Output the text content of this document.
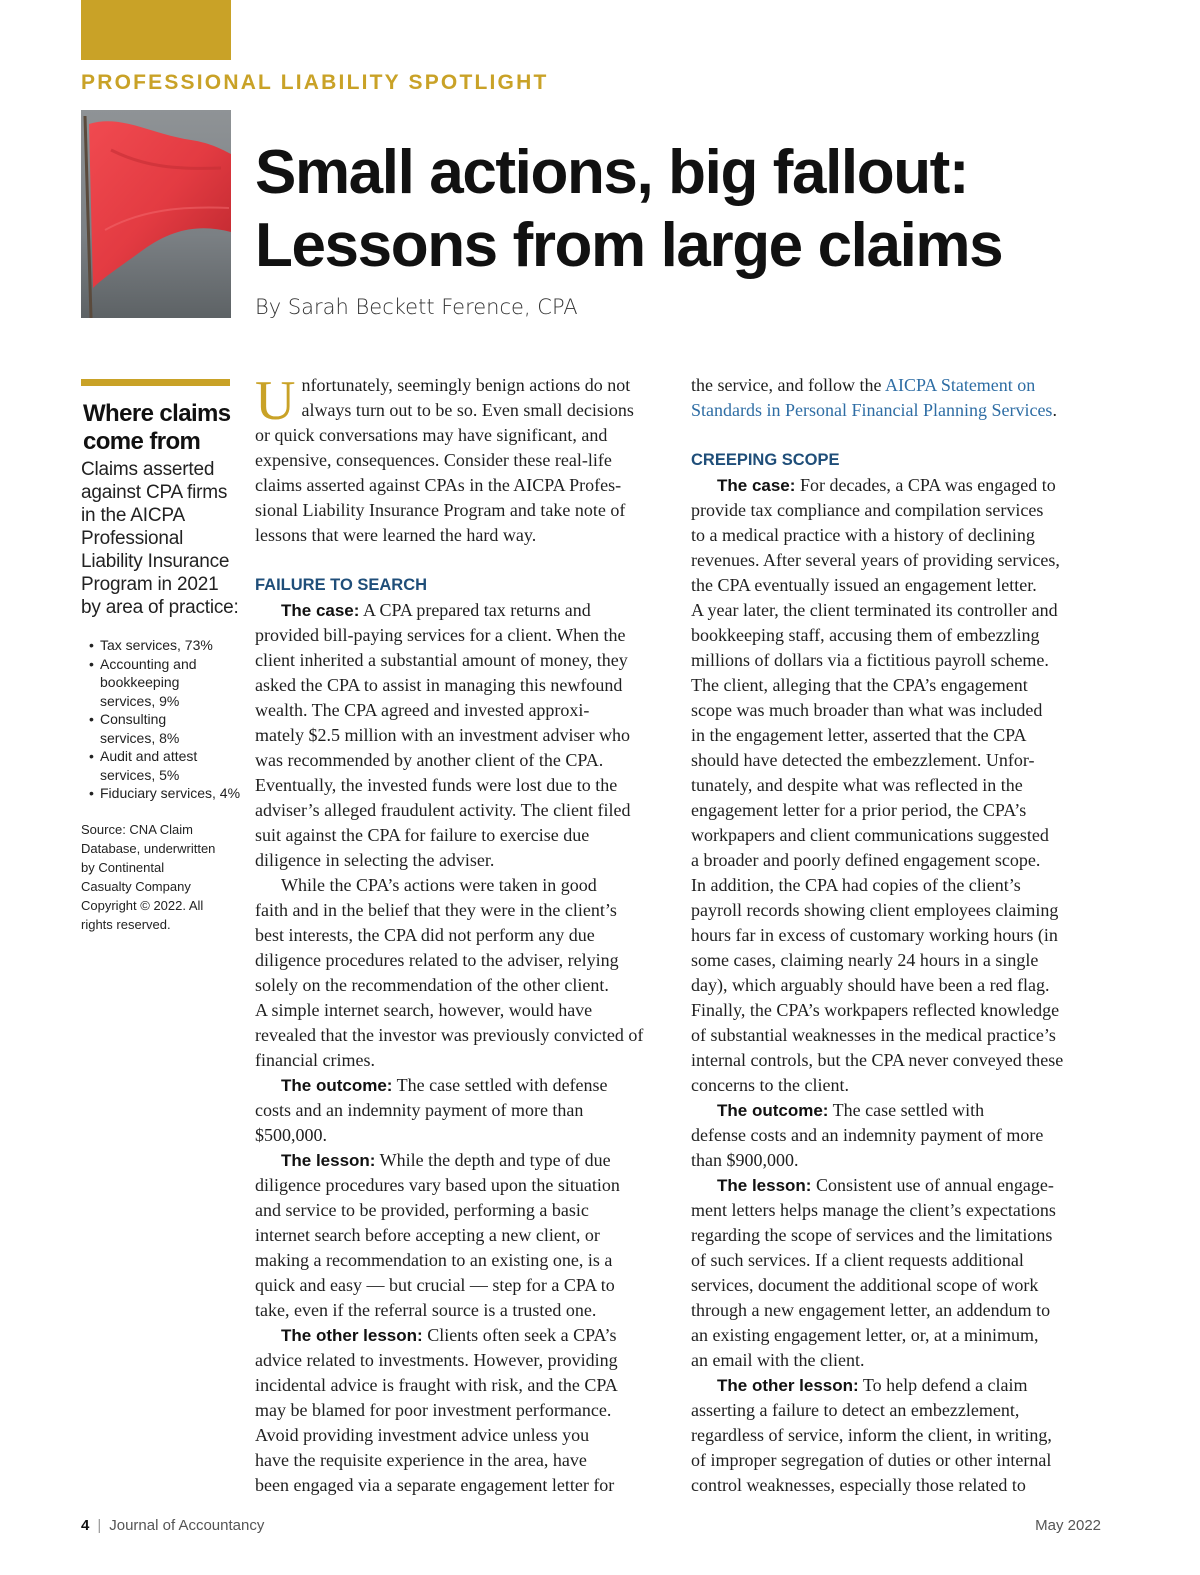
PROFESSIONAL LIABILITY SPOTLIGHT
Small actions, big fallout:
Lessons from large claims
By Sarah Beckett Ference, CPA
Where claims
come from

Claims asserted
against CPA firms
in the AICPA
Professional
Liability Insurance
Program in 2021
by area of practice:

• Tax services, 73%
• Accounting and
bookkeeping
services, 9%
• Consulting
services, 8%
• Audit and attest
services, 5%
• Fiduciary services, 4%

Source: CNA Claim
Database, underwritten
by Continental
Casualty Company
Copyright © 2022. All
rights reserved.

Unfortunately, seemingly benign actions do not
always turn out to be so. Even small decisions
or quick conversations may have significant, and
expensive, consequences. Consider these real-life
claims asserted against CPAs in the AICPA Profes-
sional Liability Insurance Program and take note of
lessons that were learned the hard way.

FAILURE TO SEARCH

The case: A CPA prepared tax returns and
provided bill-paying services for a client. When the
client inherited a substantial amount of money, they
asked the CPA to assist in managing this newfound
wealth. The CPA agreed and invested approxi-
mately $2.5 million with an investment adviser who
was recommended by another client of the CPA.
Eventually, the invested funds were lost due to the
adviser’s alleged fraudulent activity. The client filed
suit against the CPA for failure to exercise due
diligence in selecting the adviser.

While the CPA’s actions were taken in good
faith and in the belief that they were in the client’s
best interests, the CPA did not perform any due
diligence procedures related to the adviser, relying
solely on the recommendation of the other client.
A simple internet search, however, would have
revealed that the investor was previously convicted of
financial crimes.

The outcome: The case settled with defense
costs and an indemnity payment of more than
$500,000.

The lesson: While the depth and type of due
diligence procedures vary based upon the situation
and service to be provided, performing a basic
internet search before accepting a new client, or
making a recommendation to an existing one, is a
quick and easy — but crucial — step for a CPA to
take, even if the referral source is a trusted one.

The other lesson: Clients often seek a CPA’s
advice related to investments. However, providing
incidental advice is fraught with risk, and the CPA
may be blamed for poor investment performance.
Avoid providing investment advice unless you
have the requisite experience in the area, have
been engaged via a separate engagement letter for

the service, and follow the AICPA Statement on
Standards in Personal Financial Planning Services.

CREEPING SCOPE

The case: For decades, a CPA was engaged to
provide tax compliance and compilation services
to a medical practice with a history of declining
revenues. After several years of providing services,
the CPA eventually issued an engagement letter.
A year later, the client terminated its controller and
bookkeeping staff, accusing them of embezzling
millions of dollars via a fictitious payroll scheme.
The client, alleging that the CPA’s engagement
scope was much broader than what was included
in the engagement letter, asserted that the CPA
should have detected the embezzlement. Unfor-
tunately, and despite what was reflected in the
engagement letter for a prior period, the CPA’s
workpapers and client communications suggested
a broader and poorly defined engagement scope.
In addition, the CPA had copies of the client’s
payroll records showing client employees claiming
hours far in excess of customary working hours (in
some cases, claiming nearly 24 hours in a single
day), which arguably should have been a red flag.
Finally, the CPA’s workpapers reflected knowledge
of substantial weaknesses in the medical practice’s
internal controls, but the CPA never conveyed these
concerns to the client.

The outcome: The case settled with
defense costs and an indemnity payment of more
than $900,000.

The lesson: Consistent use of annual engage-
ment letters helps manage the client’s expectations
regarding the scope of services and the limitations
of such services. If a client requests additional
services, document the additional scope of work
through a new engagement letter, an addendum to
an existing engagement letter, or, at a minimum,
an email with the client.

The other lesson: To help defend a claim
asserting a failure to detect an embezzlement,
regardless of service, inform the client, in writing,
of improper segregation of duties or other internal
control weaknesses, especially those related to

4 | Journal of Accountancy	May 2022
